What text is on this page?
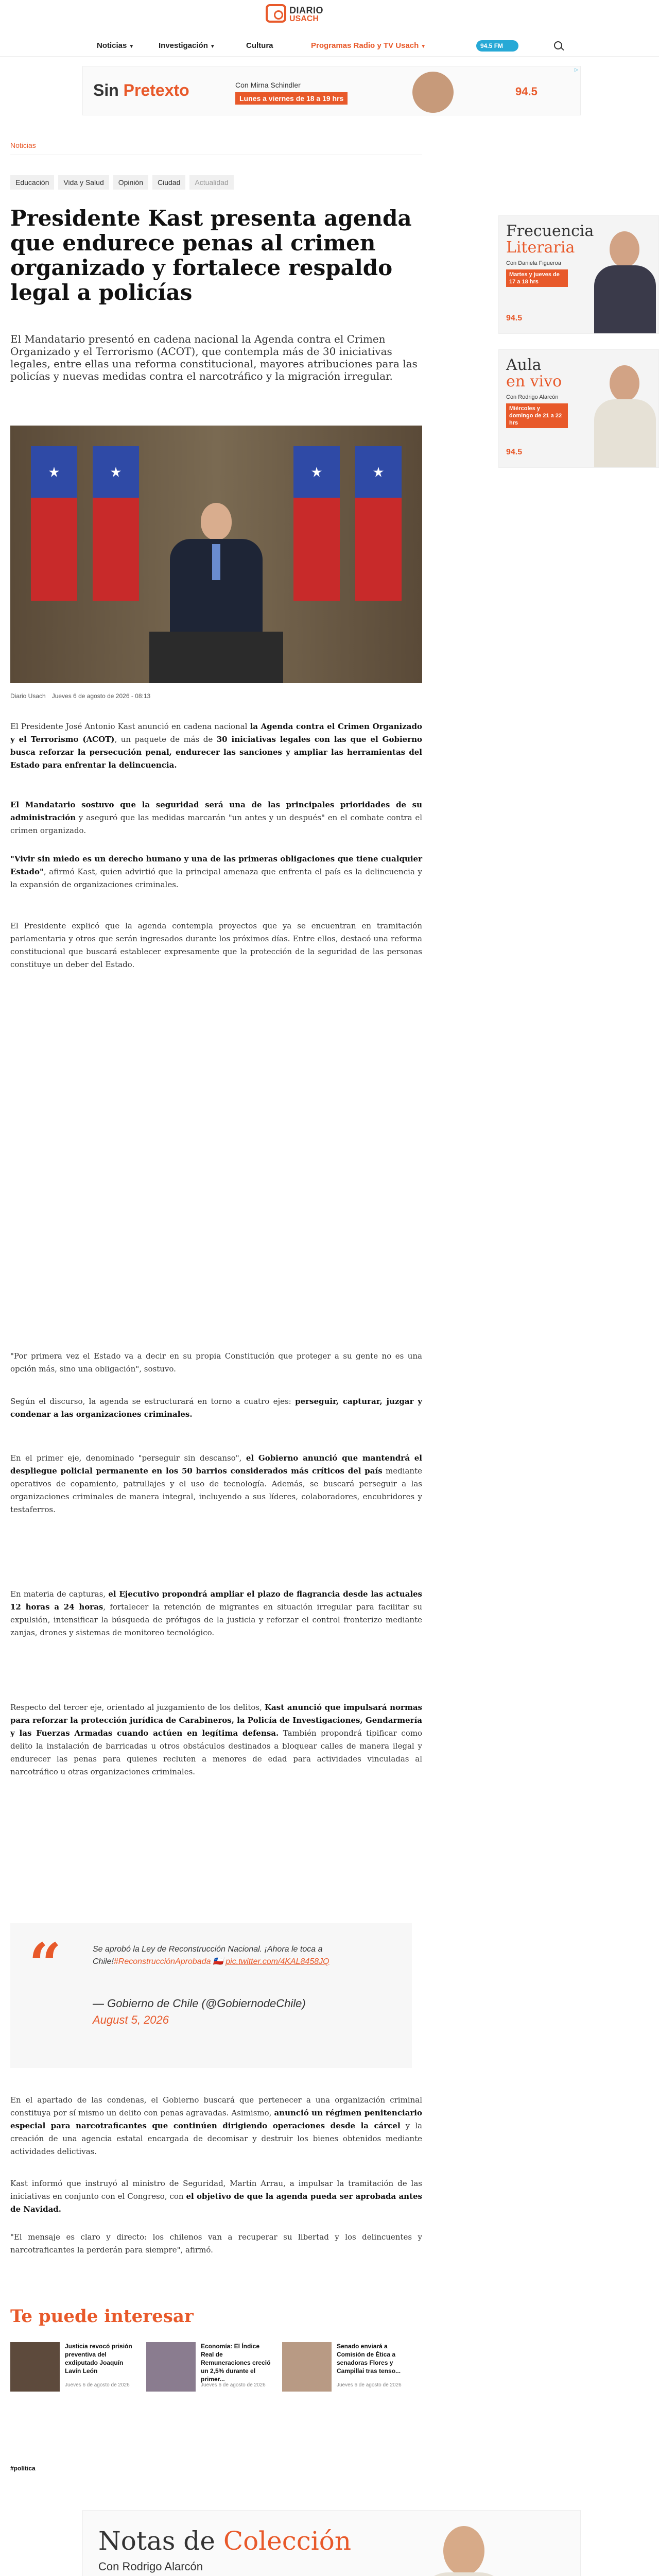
DIARIO
USACH
Noticias ▼	Investigación ▼	Cultura	Programas Radio y TV Usach ▼	94.5 FM
Sin Pretexto	Con Mirna Schindler
Lunes a viernes de 18 a 19 hrs
94.5
▷
Noticias
Educación Vida y Salud Opinión Ciudad Actualidad
Presidente Kast presenta agenda que endurece penas al crimen organizado y fortalece respaldo legal a policías

El Mandatario presentó en cadena nacional la Agenda contra el Crimen Organizado y el Terrorismo (ACOT), que contempla más de 30 iniciativas legales, entre ellas una reforma constitucional, mayores atribuciones para las policías y nuevas medidas contra el narcotráfico y la migración irregular.

Diario Usach Jueves 6 de agosto de 2026 - 08:13
El Presidente José Antonio Kast anunció en cadena nacional la Agenda contra el Crimen Organizado y el Terrorismo (ACOT), un paquete de más de 30 iniciativas legales con las que el Gobierno busca reforzar la persecución penal, endurecer las sanciones y ampliar las herramientas del Estado para enfrentar la delincuencia.
El Mandatario sostuvo que la seguridad será una de las principales prioridades de su administración y aseguró que las medidas marcarán "un antes y un después" en el combate contra el crimen organizado.
"Vivir sin miedo es un derecho humano y una de las primeras obligaciones que tiene cualquier Estado", afirmó Kast, quien advirtió que la principal amenaza que enfrenta el país es la delincuencia y la expansión de organizaciones criminales.
El Presidente explicó que la agenda contempla proyectos que ya se encuentran en tramitación parlamentaria y otros que serán ingresados durante los próximos días. Entre ellos, destacó una reforma constitucional que buscará establecer expresamente que la protección de la seguridad de las personas constituye un deber del Estado.
"Por primera vez el Estado va a decir en su propia Constitución que proteger a su gente no es una opción más, sino una obligación", sostuvo.
Según el discurso, la agenda se estructurará en torno a cuatro ejes: perseguir, capturar, juzgar y condenar a las organizaciones criminales.
En el primer eje, denominado "perseguir sin descanso", el Gobierno anunció que mantendrá el despliegue policial permanente en los 50 barrios considerados más críticos del país mediante operativos de copamiento, patrullajes y el uso de tecnología. Además, se buscará perseguir a las organizaciones criminales de manera integral, incluyendo a sus líderes, colaboradores, encubridores y testaferros.
En materia de capturas, el Ejecutivo propondrá ampliar el plazo de flagrancia desde las actuales 12 horas a 24 horas, fortalecer la retención de migrantes en situación irregular para facilitar su expulsión, intensificar la búsqueda de prófugos de la justicia y reforzar el control fronterizo mediante zanjas, drones y sistemas de monitoreo tecnológico.
Respecto del tercer eje, orientado al juzgamiento de los delitos, Kast anunció que impulsará normas para reforzar la protección jurídica de Carabineros, la Policía de Investigaciones, Gendarmería y las Fuerzas Armadas cuando actúen en legítima defensa. También propondrá tipificar como delito la instalación de barricadas u otros obstáculos destinados a bloquear calles de manera ilegal y endurecer las penas para quienes recluten a menores de edad para actividades vinculadas al narcotráfico u otras organizaciones criminales.
“	Se aprobó la Ley de Reconstrucción Nacional. ¡Ahora le toca a Chile!#ReconstrucciónAprobada 🇨🇱 pic.twitter.com/4KAL8458JQ
— Gobierno de Chile (@GobiernodeChile)
August 5, 2026
En el apartado de las condenas, el Gobierno buscará que pertenecer a una organización criminal constituya por sí mismo un delito con penas agravadas. Asimismo, anunció un régimen penitenciario especial para narcotraficantes que continúen dirigiendo operaciones desde la cárcel y la creación de una agencia estatal encargada de decomisar y destruir los bienes obtenidos mediante actividades delictivas.
Kast informó que instruyó al ministro de Seguridad, Martín Arrau, a impulsar la tramitación de las iniciativas en conjunto con el Congreso, con el objetivo de que la agenda pueda ser aprobada antes de Navidad.
"El mensaje es claro y directo: los chilenos van a recuperar su libertad y los delincuentes y narcotraficantes la perderán para siempre", afirmó.
Te puede interesar
Justicia revocó prisión preventiva del exdiputado Joaquín Lavín León
Jueves 6 de agosto de 2026
Economía: El Índice Real de Remuneraciones creció un 2,5% durante el primer...
Jueves 6 de agosto de 2026
Senado enviará a Comisión de Ética a senadoras Flores y Campillai tras tenso...
Jueves 6 de agosto de 2026
#política
Notas de Colección
Con Rodrigo Alarcón
Frecuencia
Literaria
Con Daniela Figueroa
Martes y jueves de 17 a 18 hrs
94.5
Aula
en vivo
Con Rodrigo Alarcón
Miércoles y domingo de 21 a 22 hrs
94.5
